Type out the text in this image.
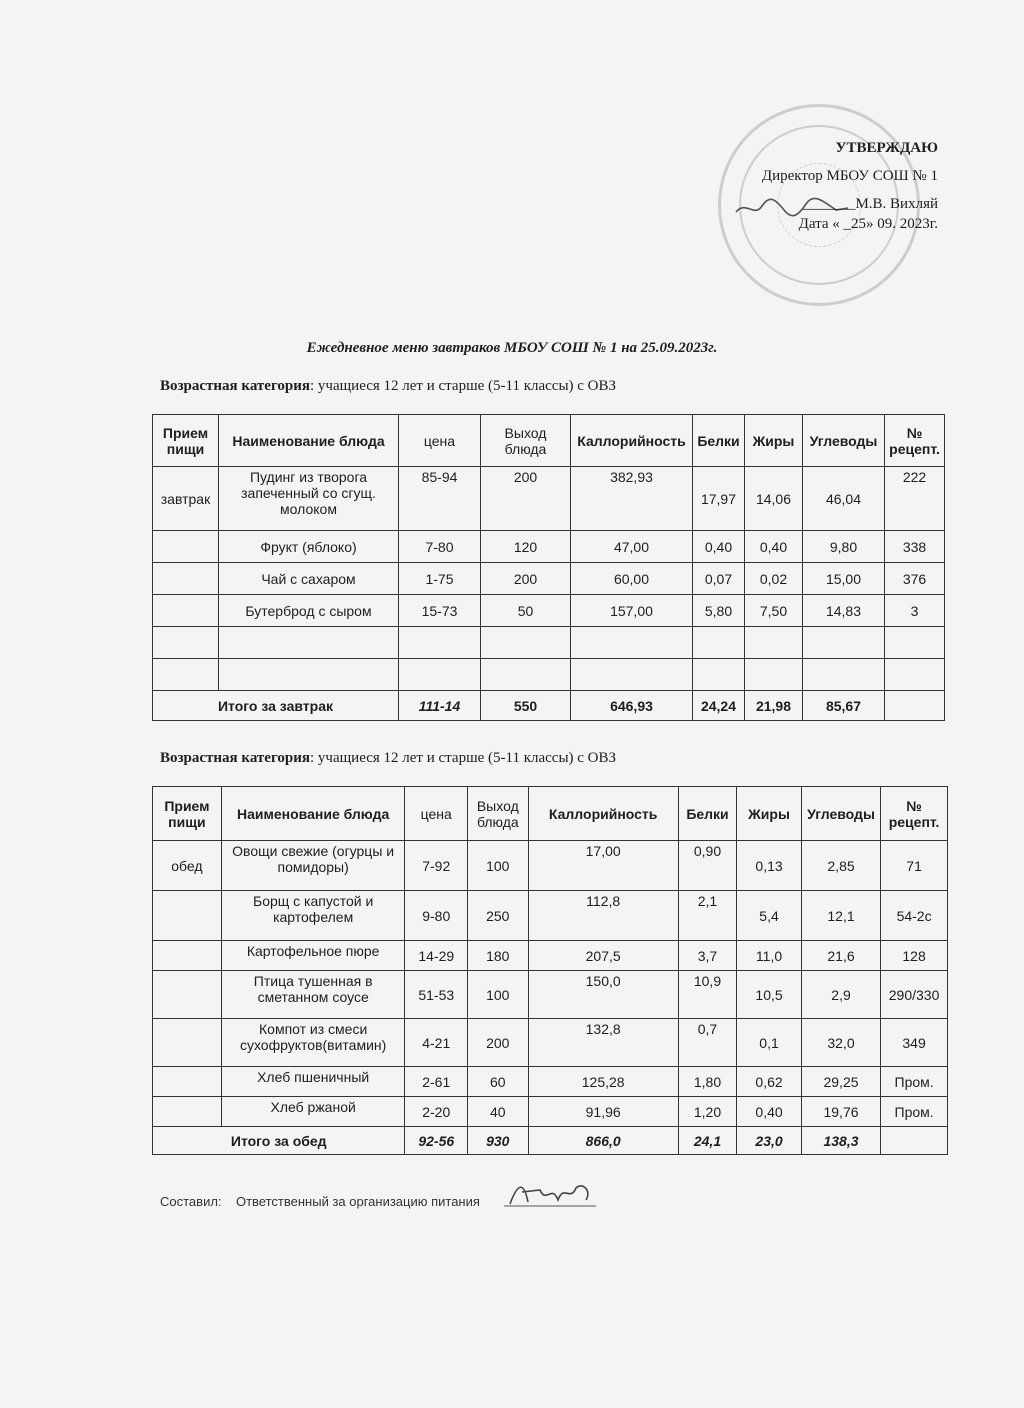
УТВЕРЖДАЮ
Директор МБОУ СОШ № 1
_______М.В. Вихляй
Дата « _25» 09. 2023г.
Ежедневное меню завтраков МБОУ СОШ № 1 на 25.09.2023г.
Возрастная категория: учащиеся 12 лет и старше (5-11 классы) с ОВЗ
Прием пищи	Наименование блюда	цена	Выход блюда	Каллорийность	Белки	Жиры	Углеводы	№ рецепт.
завтрак	Пудинг из творога запеченный со сгущ. молоком	85-94	200	382,93	17,97	14,06	46,04	222
	Фрукт (яблоко)	7-80	120	47,00	0,40	0,40	9,80	338
	Чай с сахаром	1-75	200	60,00	0,07	0,02	15,00	376
	Бутерброд с сыром	15-73	50	157,00	5,80	7,50	14,83	3

Итого за завтрак		111-14	550	646,93	24,24	21,98	85,67	
Возрастная категория: учащиеся 12 лет и старше (5-11 классы) с ОВЗ
Прием пищи	Наименование блюда	цена	Выход блюда	Каллорийность	Белки	Жиры	Углеводы	№ рецепт.
обед	Овощи свежие (огурцы и помидоры)	7-92	100	17,00	0,90	0,13	2,85	71
	Борщ с капустой и картофелем	9-80	250	112,8	2,1	5,4	12,1	54-2с
	Картофельное пюре	14-29	180	207,5	3,7	11,0	21,6	128
	Птица тушенная в сметанном соусе	51-53	100	150,0	10,9	10,5	2,9	290/330
	Компот из смеси сухофруктов(витамин)	4-21	200	132,8	0,7	0,1	32,0	349
	Хлеб пшеничный	2-61	60	125,28	1,80	0,62	29,25	Пром.
	Хлеб ржаной	2-20	40	91,96	1,20	0,40	19,76	Пром.
Итого за обед		92-56	930	866,0	24,1	23,0	138,3	
Составил: Ответственный за организацию питания
